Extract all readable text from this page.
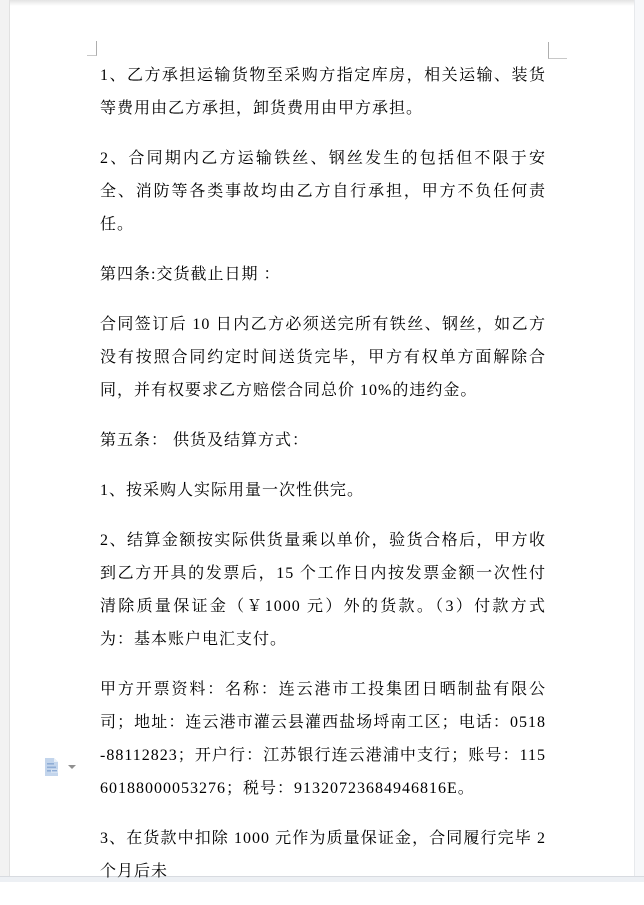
1、乙方承担运输货物至采购方指定库房，相关运输、装货等费用由乙方承担，卸货费用由甲方承担。

2、合同期内乙方运输铁丝、钢丝发生的包括但不限于安全、消防等各类事故均由乙方自行承担，甲方不负任何责任。

第四条:交货截止日期 ：

合同签订后 10 日内乙方必须送完所有铁丝、钢丝，如乙方没有按照合同约定时间送货完毕，甲方有权单方面解除合同，并有权要求乙方赔偿合同总价 10%的违约金。

第五条： 供货及结算方式：

1、按采购人实际用量一次性供完。

2、结算金额按实际供货量乘以单价，验货合格后，甲方收到乙方开具的发票后，15 个工作日内按发票金额一次性付清除质量保证金（￥1000 元）外的货款。（3）付款方式为：基本账户电汇支付。

甲方开票资料：名称：连云港市工投集团日晒制盐有限公司；地址：连云港市灌云县灌西盐场埒南工区；电话：0518-88112823；开户行：江苏银行连云港浦中支行；账号：11560188000053276；税号：91320723684946816E。

3、在货款中扣除 1000 元作为质量保证金，合同履行完毕 2 个月后未
